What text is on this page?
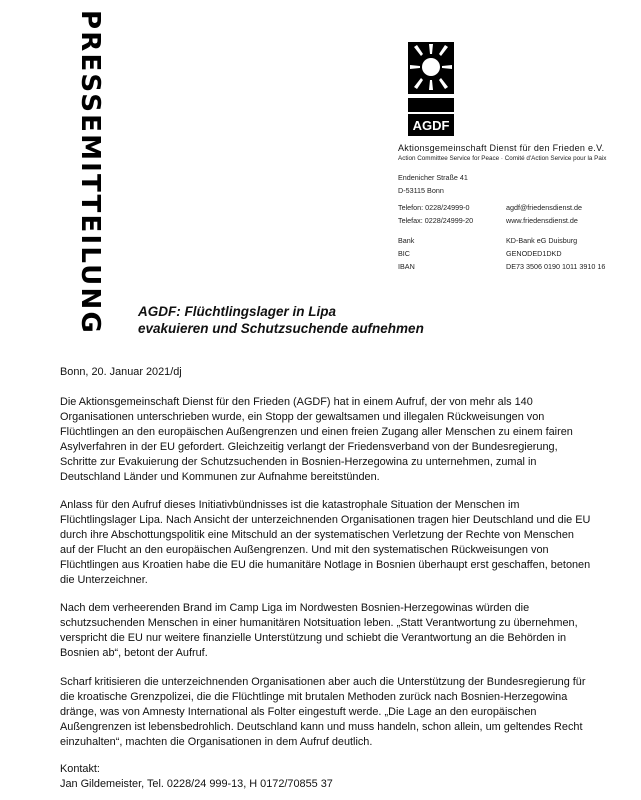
PRESSEMITTEILUNG	AGDF
Aktionsgemeinschaft Dienst für den Frieden e.V.
Action Committee Service for Peace · Comité d'Action Service pour la Paix
Endenicher Straße 41
D-53115 Bonn
Telefon: 0228/24999-0	agdf@friedensdienst.de
Telefax: 0228/24999-20	www.friedensdienst.de
Bank	KD-Bank eG Duisburg
BIC	GENODED1DKD
IBAN	DE73 3506 0190 1011 3910 16
AGDF: Flüchtlingslager in Lipa
evakuieren und Schutzsuchende aufnehmen
Bonn, 20. Januar 2021/dj
Die Aktionsgemeinschaft Dienst für den Frieden (AGDF) hat in einem Aufruf, der von mehr als 140
Organisationen unterschrieben wurde, ein Stopp der gewaltsamen und illegalen Rückweisungen von
Flüchtlingen an den europäischen Außengrenzen und einen freien Zugang aller Menschen zu einem fairen
Asylverfahren in der EU gefordert. Gleichzeitig verlangt der Friedensverband von der Bundesregierung,
Schritte zur Evakuierung der Schutzsuchenden in Bosnien-Herzegowina zu unternehmen, zumal in
Deutschland Länder und Kommunen zur Aufnahme bereitstünden.
Anlass für den Aufruf dieses Initiativbündnisses ist die katastrophale Situation der Menschen im
Flüchtlingslager Lipa. Nach Ansicht der unterzeichnenden Organisationen tragen hier Deutschland und die EU
durch ihre Abschottungspolitik eine Mitschuld an der systematischen Verletzung der Rechte von Menschen
auf der Flucht an den europäischen Außengrenzen. Und mit den systematischen Rückweisungen von
Flüchtlingen aus Kroatien habe die EU die humanitäre Notlage in Bosnien überhaupt erst geschaffen, betonen
die Unterzeichner.
Nach dem verheerenden Brand im Camp Liga im Nordwesten Bosnien-Herzegowinas würden die
schutzsuchenden Menschen in einer humanitären Notsituation leben. „Statt Verantwortung zu übernehmen,
verspricht die EU nur weitere finanzielle Unterstützung und schiebt die Verantwortung an die Behörden in
Bosnien ab“, betont der Aufruf.
Scharf kritisieren die unterzeichnenden Organisationen aber auch die Unterstützung der Bundesregierung für
die kroatische Grenzpolizei, die die Flüchtlinge mit brutalen Methoden zurück nach Bosnien-Herzegowina
dränge, was von Amnesty International als Folter eingestuft werde. „Die Lage an den europäischen
Außengrenzen ist lebensbedrohlich. Deutschland kann und muss handeln, schon allein, um geltendes Recht
einzuhalten“, machten die Organisationen in dem Aufruf deutlich.
Kontakt:
Jan Gildemeister, Tel. 0228/24 999-13, H 0172/70855 37
